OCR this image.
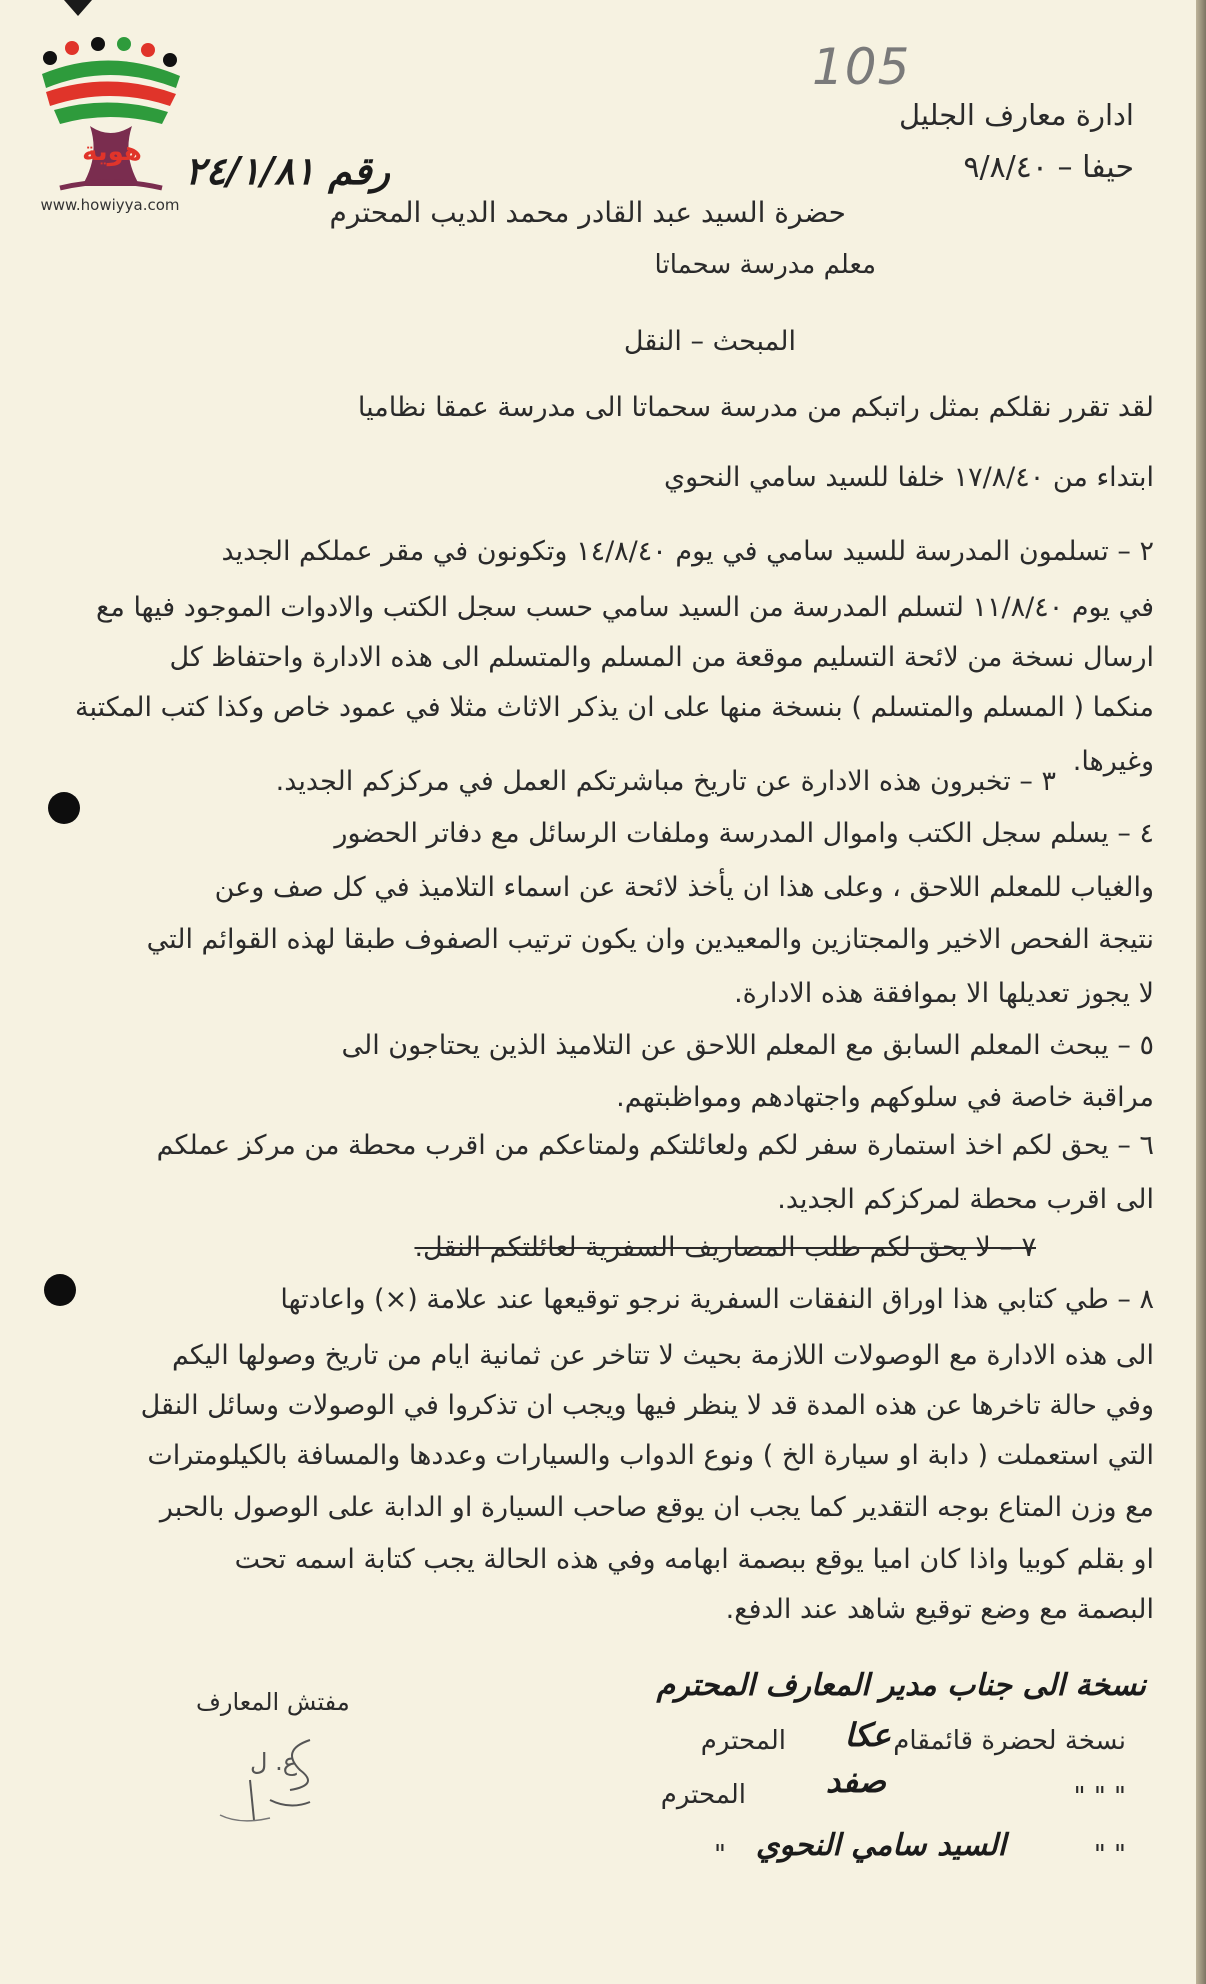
هوية
www.howiyya.com
105
ادارة معارف الجليل
حيفا – ٩/٨/٤٠
رقم ٢٤/١/٨١
حضرة السيد عبد القادر محمد الديب المحترم
معلم مدرسة سحماتا
المبحث – النقل
لقد تقرر نقلكم بمثل راتبكم من مدرسة سحماتا الى مدرسة عمقا نظاميا
ابتداء من ١٧/٨/٤٠ خلفا للسيد سامي النحوي
٢ – تسلمون المدرسة للسيد سامي في يوم ١٤/٨/٤٠ وتكونون في مقر عملكم الجديد
في يوم ١١/٨/٤٠ لتسلم المدرسة من السيد سامي حسب سجل الكتب والادوات الموجود فيها مع
ارسال نسخة من لائحة التسليم موقعة من المسلم والمتسلم الى هذه الادارة واحتفاظ كل
منكما ( المسلم والمتسلم ) بنسخة منها على ان يذكر الاثاث مثلا في عمود خاص وكذا كتب المكتبة
وغيرها.
٣ – تخبرون هذه الادارة عن تاريخ مباشرتكم العمل في مركزكم الجديد.
٤ – يسلم سجل الكتب واموال المدرسة وملفات الرسائل مع دفاتر الحضور
والغياب للمعلم اللاحق ، وعلى هذا ان يأخذ لائحة عن اسماء التلاميذ في كل صف وعن
نتيجة الفحص الاخير والمجتازين والمعيدين وان يكون ترتيب الصفوف طبقا لهذه القوائم التي
لا يجوز تعديلها الا بموافقة هذه الادارة.
٥ – يبحث المعلم السابق مع المعلم اللاحق عن التلاميذ الذين يحتاجون الى
مراقبة خاصة في سلوكهم واجتهادهم ومواظبتهم.
٦ – يحق لكم اخذ استمارة سفر لكم ولعائلتكم ولمتاعكم من اقرب محطة من مركز عملكم
الى اقرب محطة لمركزكم الجديد.
٧ – لا يحق لكم طلب المصاريف السفرية لعائلتكم النقل.
٨ – طي كتابي هذا اوراق النفقات السفرية نرجو توقيعها عند علامة (×) واعادتها
الى هذه الادارة مع الوصولات اللازمة بحيث لا تتاخر عن ثمانية ايام من تاريخ وصولها اليكم
وفي حالة تاخرها عن هذه المدة قد لا ينظر فيها ويجب ان تذكروا في الوصولات وسائل النقل
التي استعملت ( دابة او سيارة الخ ) ونوع الدواب والسيارات وعددها والمسافة بالكيلومترات
مع وزن المتاع بوجه التقدير كما يجب ان يوقع صاحب السيارة او الدابة على الوصول بالحبر
او بقلم كوبيا واذا كان اميا يوقع ببصمة ابهامه وفي هذه الحالة يجب كتابة اسمه تحت
البصمة مع وضع توقيع شاهد عند الدفع.
مفتش المعارف
ع. ل
نسخة الى جناب مدير المعارف المحترم
نسخة لحضرة قائمقام
عكا
المحترم
" " "
صفد
المحترم
" "
السيد سامي النحوي
"
